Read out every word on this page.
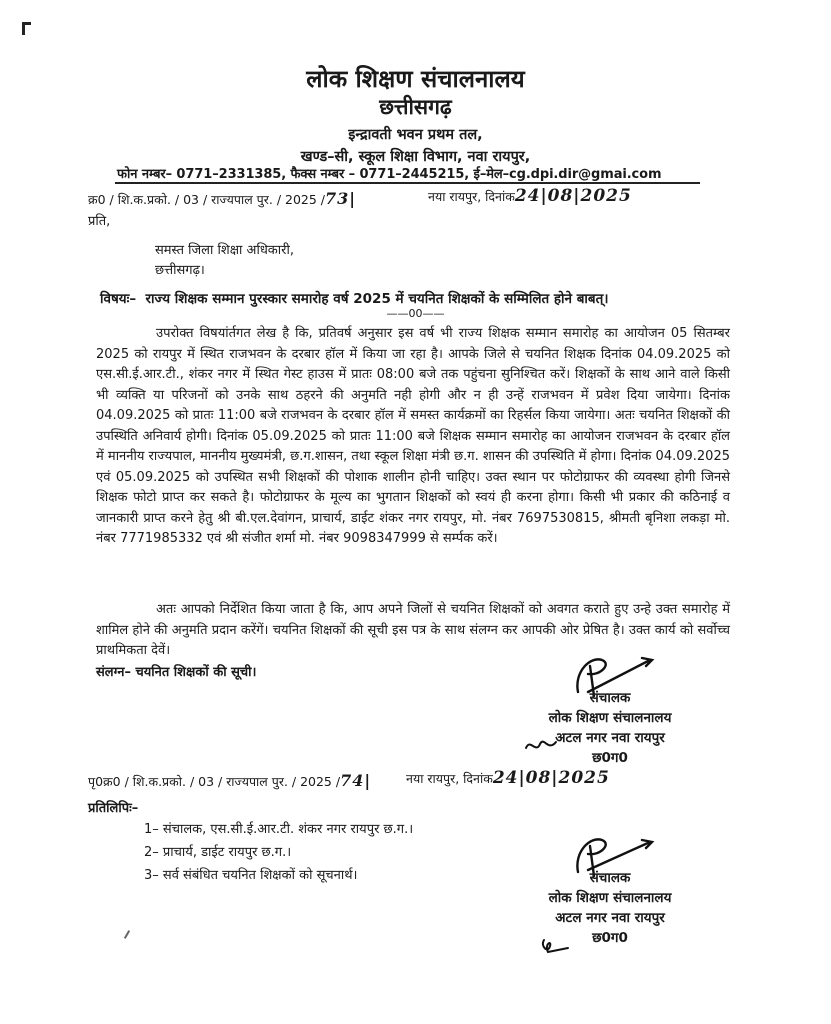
लोक शिक्षण संचालनालय
छत्तीसगढ़
इन्द्रावती भवन प्रथम तल,
खण्ड–सी, स्कूल शिक्षा विभाग, नवा रायपुर,
फोन नम्बर– 0771–2331385, फैक्स नम्बर – 0771–2445215, ई–मेल–cg.dpi.dir@gmai.com
क्र0 / शि.क.प्रको. / 03 / राज्यपाल पुर. / 2025 /73|	नया रायपुर, दिनांक24|08|2025
प्रति,
समस्त जिला शिक्षा अधिकारी,
छत्तीसगढ़।
विषयः– राज्य शिक्षक सम्मान पुरस्कार समारोह वर्ष 2025 में चयनित शिक्षकों के सम्मिलित होने बाबत्।
——00——
उपरोक्त विषयांर्तगत लेख है कि, प्रतिवर्ष अनुसार इस वर्ष भी राज्य शिक्षक सम्मान समारोह का आयोजन 05 सितम्बर 2025 को रायपुर में स्थित राजभवन के दरबार हॉल में किया जा रहा है। आपके जिले से चयनित शिक्षक दिनांक 04.09.2025 को एस.सी.ई.आर.टी., शंकर नगर में स्थित गेस्ट हाउस में प्रातः 08:00 बजे तक पहुंचना सुनिश्चित करें। शिक्षकों के साथ आने वाले किसी भी व्यक्ति या परिजनों को उनके साथ ठहरने की अनुमति नही होगी और न ही उन्हें राजभवन में प्रवेश दिया जायेगा। दिनांक 04.09.2025 को प्रातः 11:00 बजे राजभवन के दरबार हॉल में समस्त कार्यक्रमों का रिहर्सल किया जायेगा। अतः चयनित शिक्षकों की उपस्थिति अनिवार्य होगी। दिनांक 05.09.2025 को प्रातः 11:00 बजे शिक्षक सम्मान समारोह का आयोजन राजभवन के दरबार हॉल में माननीय राज्यपाल, माननीय मुख्यमंत्री, छ.ग.शासन, तथा स्कूल शिक्षा मंत्री छ.ग. शासन की उपस्थिति में होगा। दिनांक 04.09.2025 एवं 05.09.2025 को उपस्थित सभी शिक्षकों की पोशाक शालीन होनी चाहिए। उक्त स्थान पर फोटोग्राफर की व्यवस्था होगी जिनसे शिक्षक फोटो प्राप्त कर सकते है। फोटोग्राफर के मूल्य का भुगतान शिक्षकों को स्वयं ही करना होगा। किसी भी प्रकार की कठिनाई व जानकारी प्राप्त करने हेतु श्री बी.एल.देवांगन, प्राचार्य, डाईट शंकर नगर रायपुर, मो. नंबर 7697530815, श्रीमती बृनिशा लकड़ा मो. नंबर 7771985332 एवं श्री संजीत शर्मा मो. नंबर 9098347999 से सर्म्पक करें।
अतः आपको निर्देशित किया जाता है कि, आप अपने जिलों से चयनित शिक्षकों को अवगत कराते हुए उन्हे उक्त समारोह में शामिल होने की अनुमति प्रदान करेंगें। चयनित शिक्षकों की सूची इस पत्र के साथ संलग्न कर आपकी ओर प्रेषित है। उक्त कार्य को सर्वोच्च प्राथमिकता देवें।
संलग्न– चयनित शिक्षकों की सूची।
संचालक
लोक शिक्षण संचालनालय
अटल नगर नवा रायपुर
छ0ग0
पृ0क्र0 / शि.क.प्रको. / 03 / राज्यपाल पुर. / 2025 /74|	नया रायपुर, दिनांक24|08|2025
प्रतिलिपिः–
1– संचालक, एस.सी.ई.आर.टी. शंकर नगर रायपुर छ.ग.।
2– प्राचार्य, डाईट रायपुर छ.ग.।
3– सर्व संबंधित चयनित शिक्षकों को सूचनार्थ।	संचालक
लोक शिक्षण संचालनालय
अटल नगर नवा रायपुर
छ0ग0
